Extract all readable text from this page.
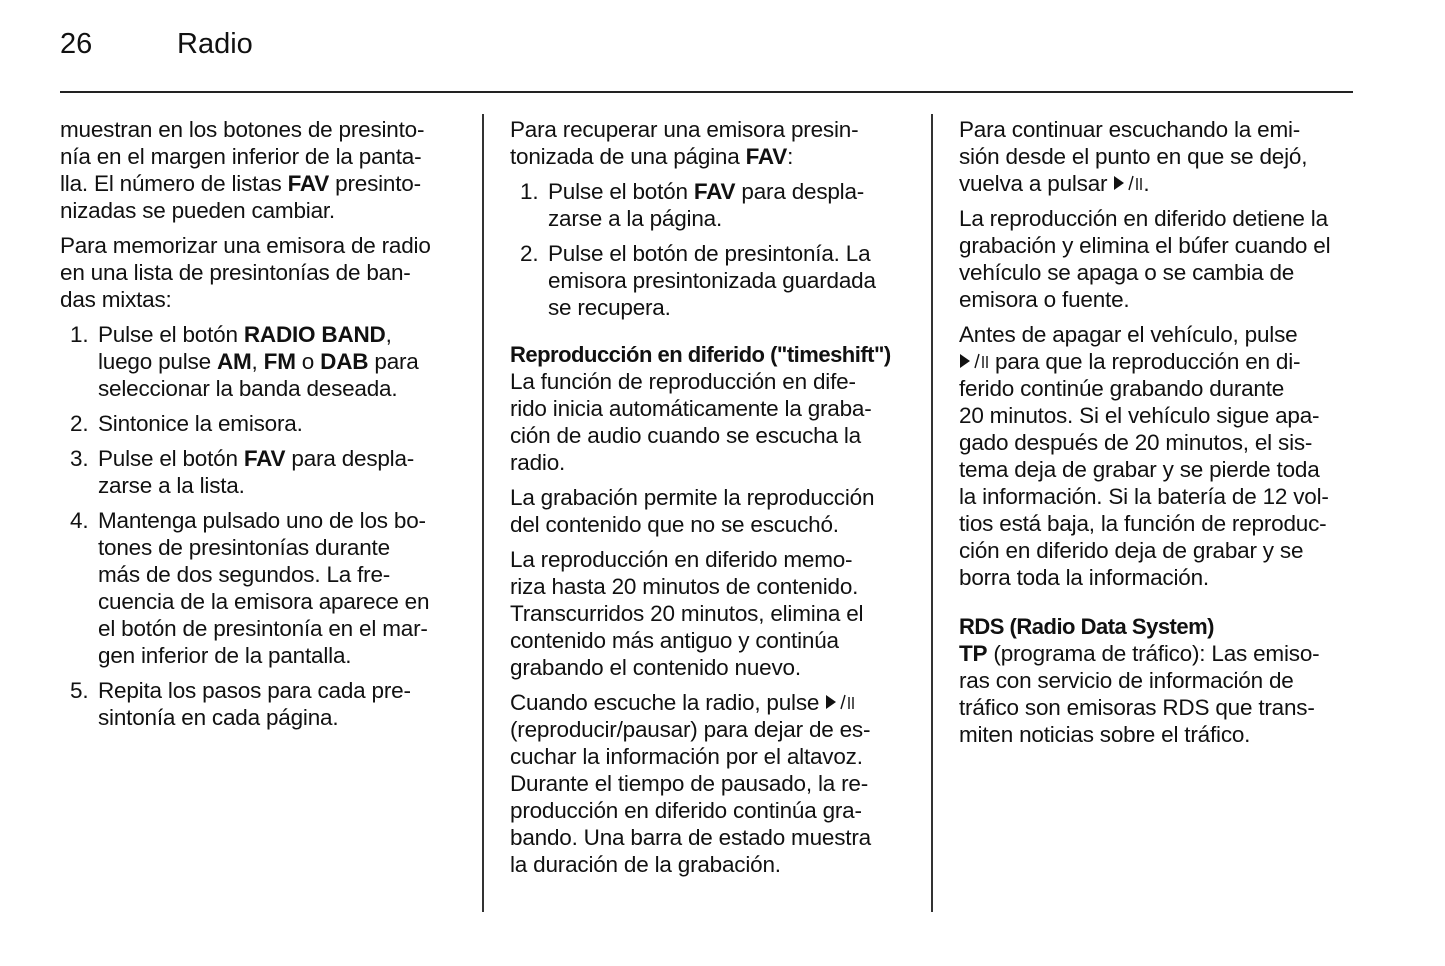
26	Radio

muestran en los botones de presinto-
nía en el margen inferior de la panta-
lla. El número de listas FAV presinto-
nizadas se pueden cambiar.

Para memorizar una emisora de radio
en una lista de presintonías de ban-
das mixtas:

1. Pulse el botón RADIO BAND,
luego pulse AM, FM o DAB para
seleccionar la banda deseada.
2. Sintonice la emisora.
3. Pulse el botón FAV para despla-
zarse a la lista.
4. Mantenga pulsado uno de los bo-
tones de presintonías durante
más de dos segundos. La fre-
cuencia de la emisora aparece en
el botón de presintonía en el mar-
gen inferior de la pantalla.
5. Repita los pasos para cada pre-
sintonía en cada página.

Para recuperar una emisora presin-
tonizada de una página FAV:

1. Pulse el botón FAV para despla-
zarse a la página.
2. Pulse el botón de presintonía. La
emisora presintonizada guardada
se recupera.
Reproducción en diferido ("timeshift")

La función de reproducción en dife-
rido inicia automáticamente la graba-
ción de audio cuando se escucha la
radio.

La grabación permite la reproducción
del contenido que no se escuchó.

La reproducción en diferido memo-
riza hasta 20 minutos de contenido.
Transcurridos 20 minutos, elimina el
contenido más antiguo y continúa
grabando el contenido nuevo.

Cuando escuche la radio, pulse
(reproducir/pausar) para dejar de es-
cuchar la información por el altavoz.
Durante el tiempo de pausado, la re-
producción en diferido continúa gra-
bando. Una barra de estado muestra
la duración de la grabación.

Para continuar escuchando la emi-
sión desde el punto en que se dejó,
vuelva a pulsar .

La reproducción en diferido detiene la
grabación y elimina el búfer cuando el
vehículo se apaga o se cambia de
emisora o fuente.

Antes de apagar el vehículo, pulse
para que la reproducción en di-
ferido continúe grabando durante
20 minutos. Si el vehículo sigue apa-
gado después de 20 minutos, el sis-
tema deja de grabar y se pierde toda
la información. Si la batería de 12 vol-
tios está baja, la función de reproduc-
ción en diferido deja de grabar y se
borra toda la información.

RDS (Radio Data System)

TP (programa de tráfico): Las emiso-
ras con servicio de información de
tráfico son emisoras RDS que trans-
miten noticias sobre el tráfico.
